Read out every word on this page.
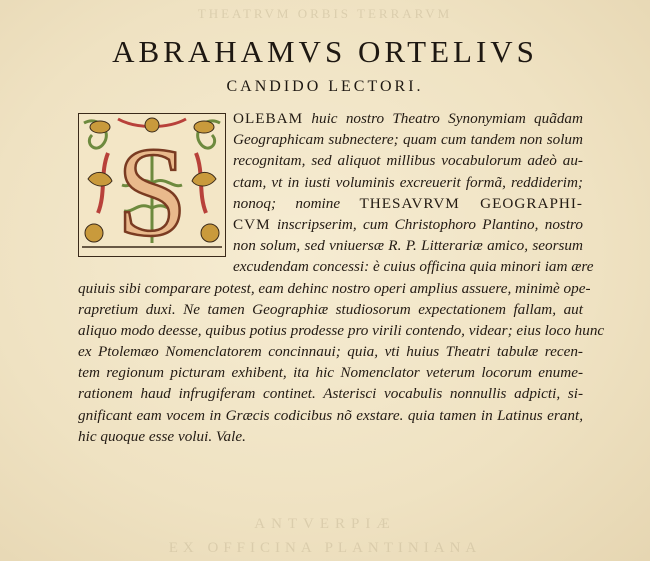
THEATRVM ORBIS TERRARVM
ABRAHAMVS ORTELIVS
CANDIDO LECTORI.
S
OLEBAM huic nostro Theatro Synonymiam quãdam
Geographicam subnectere; quam cum tandem non solum
recognitam, sed aliquot millibus vocabulorum adeò au-
ctam, vt in iusti voluminis excreuerit formã, reddiderim;
nonoq; nomine THESAVRVM GEOGRAPHI-
CVM inscripserim, cum Christophoro Plantino, nostro
non solum, sed vniuersæ R. P. Litterariæ amico, seorsum
excudendam concessi: è cuius officina quia minori iam ære
quiuis sibi comparare potest, eam dehinc nostro operi amplius assuere, minimè ope-
rapretium duxi. Ne tamen Geographiæ studiosorum expectationem fallam, aut
aliquo modo deesse, quibus potius prodesse pro virili contendo, videar; eius loco hunc
ex Ptolemæo Nomenclatorem concinnaui; quia, vti huius Theatri tabulæ recen-
tem regionum picturam exhibent, ita hic Nomenclator veterum locorum enume-
rationem haud infrugiferam continet. Asterisci vocabulis nonnullis adpicti, si-
gnificant eam vocem in Græcis codicibus nõ exstare. quia tamen in Latinus erant,
hic quoque esse volui. Vale.
ANTVERPIÆ
EX OFFICINA PLANTINIANA
